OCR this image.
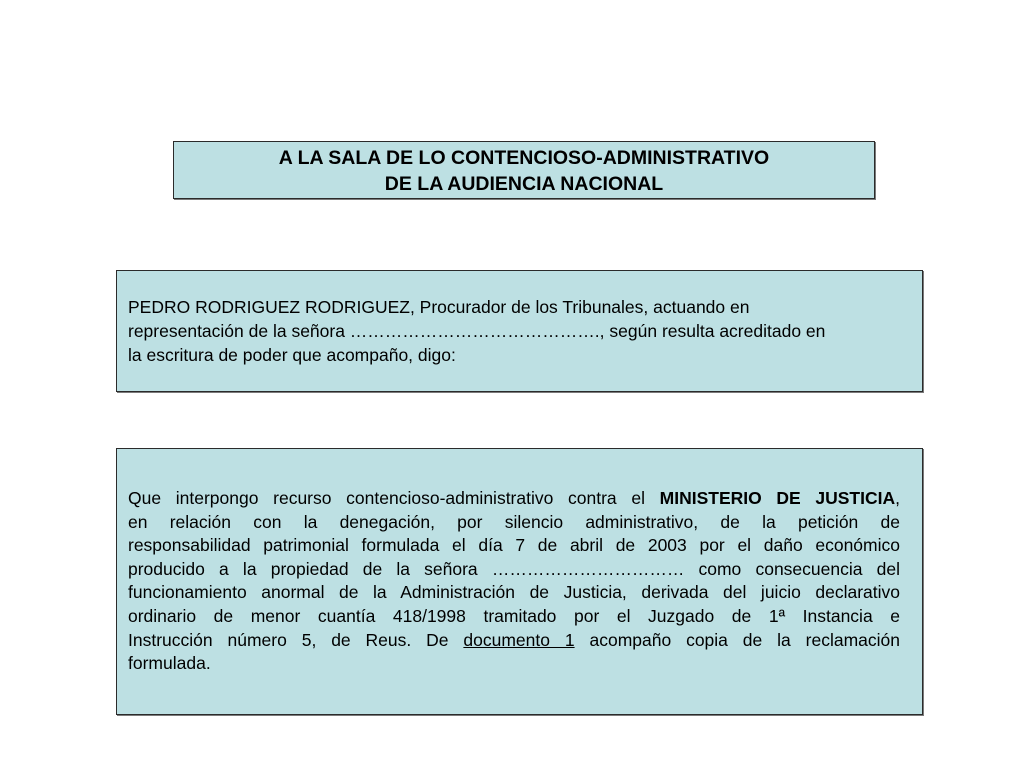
A LA SALA DE LO CONTENCIOSO-ADMINISTRATIVO
DE LA AUDIENCIA NACIONAL
PEDRO RODRIGUEZ RODRIGUEZ, Procurador de los Tribunales, actuando en
representación de la señora ……………………………………., según resulta acreditado en
la escritura de poder que acompaño, digo:
Que interpongo recurso contencioso-administrativo contra el MINISTERIO DE JUSTICIA,
en relación con la denegación, por silencio administrativo, de la petición de
responsabilidad patrimonial formulada el día 7 de abril de 2003 por el daño económico
producido a la propiedad de la señora …………………………… como consecuencia del
funcionamiento anormal de la Administración de Justicia, derivada del juicio declarativo
ordinario de menor cuantía 418/1998 tramitado por el Juzgado de 1ª Instancia e
Instrucción número 5, de Reus. De documento 1 acompaño copia de la reclamación
formulada.
